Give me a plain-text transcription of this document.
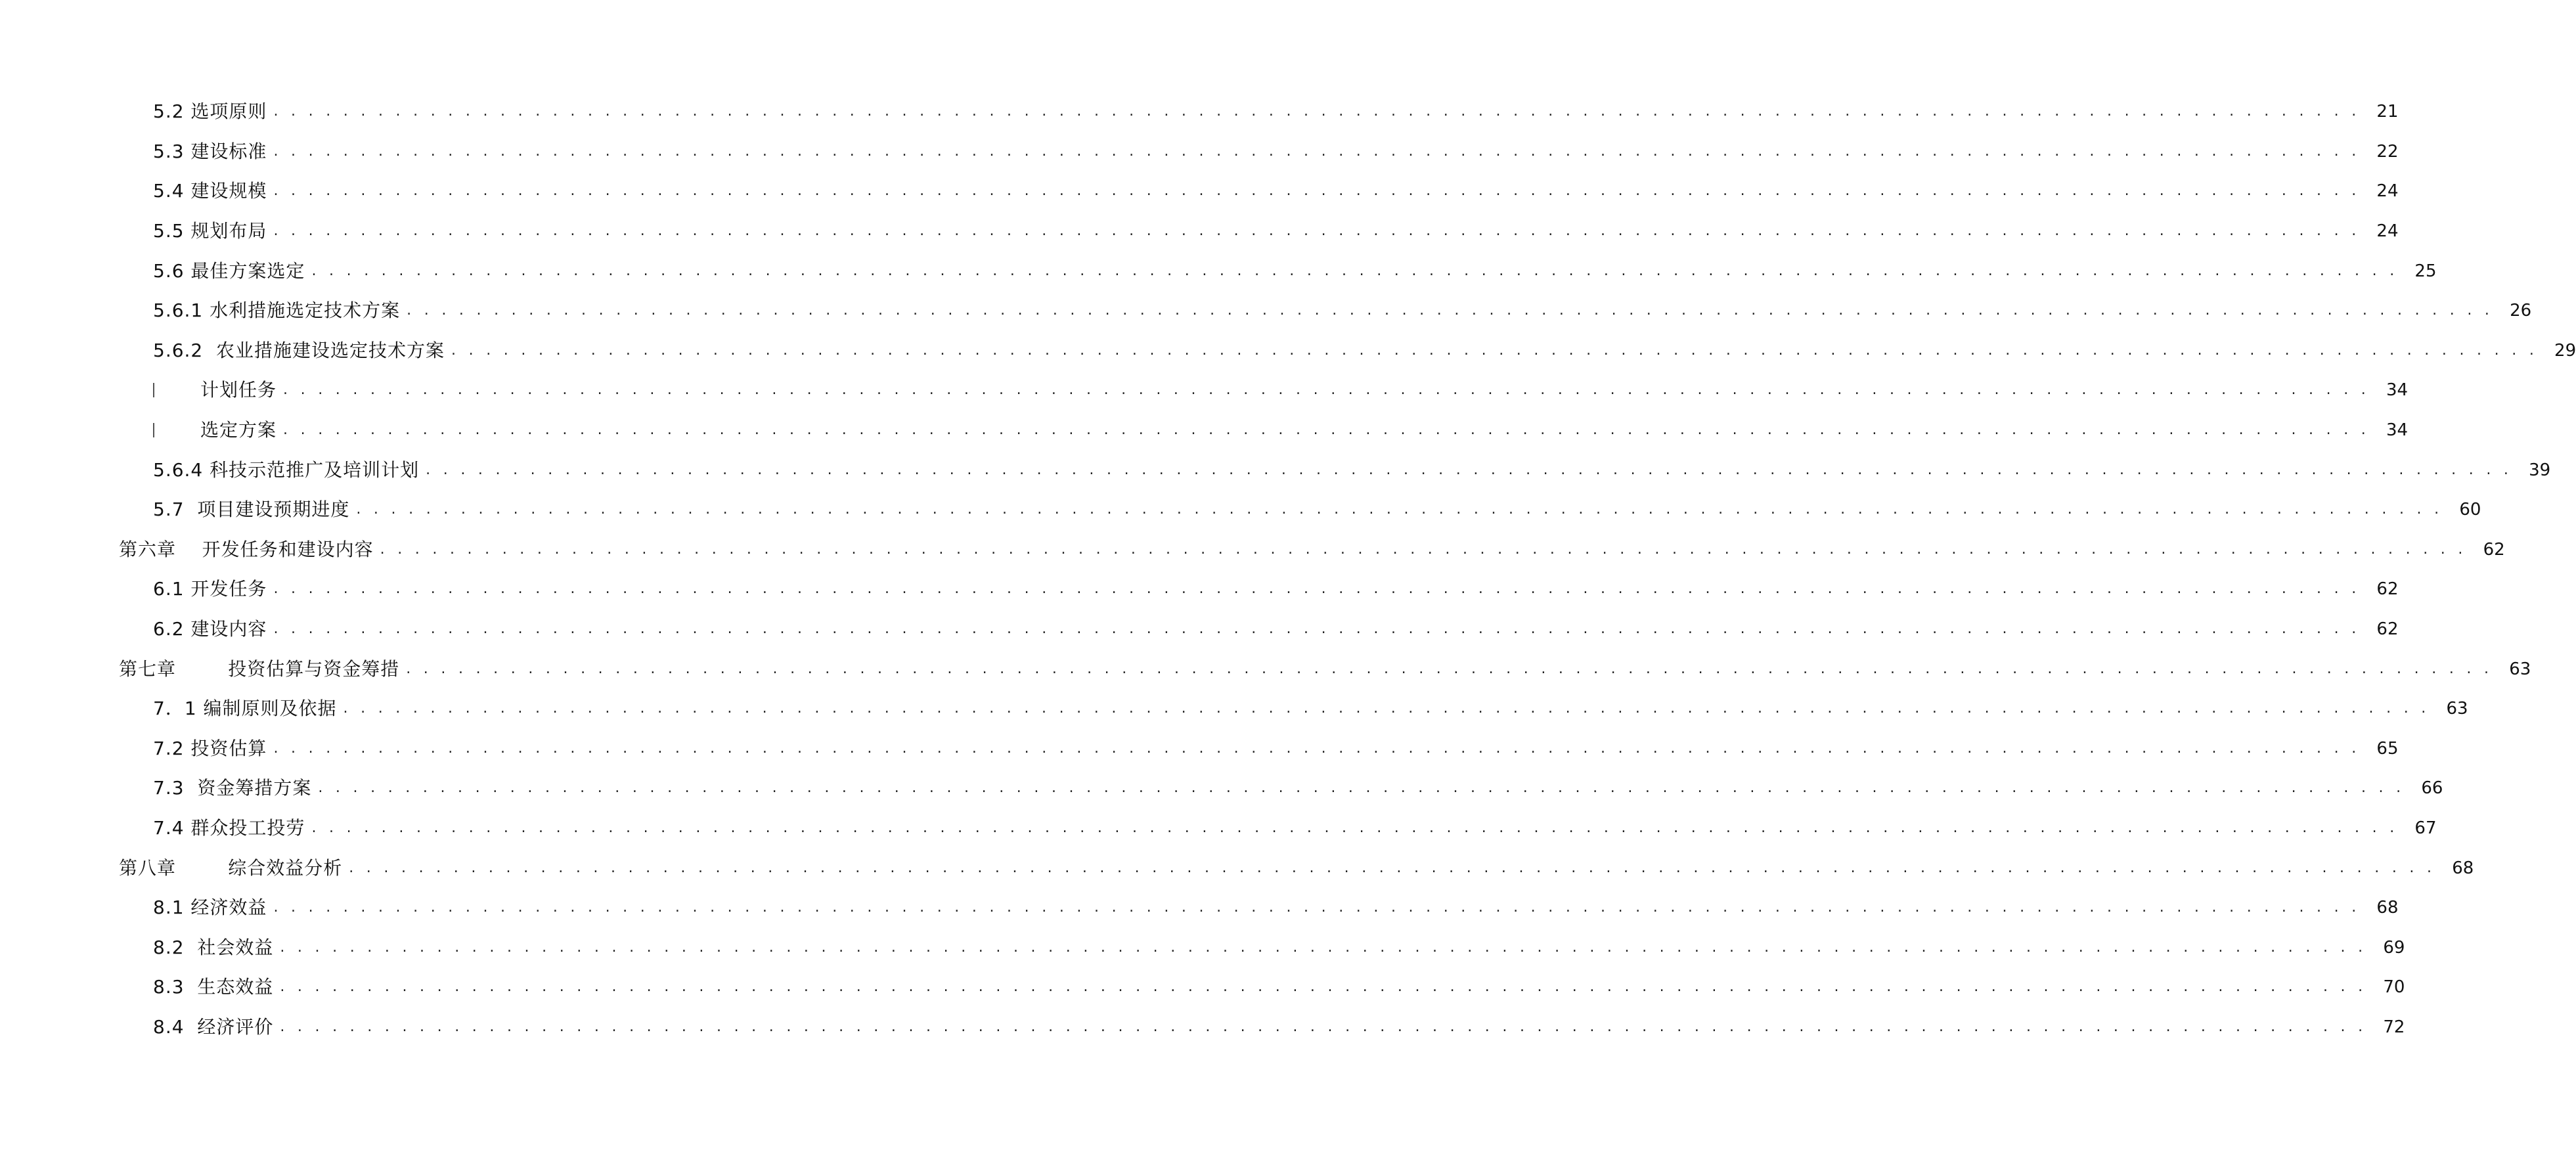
5.2 选项原则 . . . . . . . . . . . . . . . . . . . . . . . . . . . . . . . . . . . . . . . . . . . . . . . . . . . . . . . . . . . . . . . . . . . . . . . . . . . . . . . . . . . . . . . . . . . . . . . . . . . . . . . . . . . . . . . . . . . . . . . . 21
5.3 建设标准 . . . . . . . . . . . . . . . . . . . . . . . . . . . . . . . . . . . . . . . . . . . . . . . . . . . . . . . . . . . . . . . . . . . . . . . . . . . . . . . . . . . . . . . . . . . . . . . . . . . . . . . . . . . . . . . . . . . . . . . . 22
5.4 建设规模 . . . . . . . . . . . . . . . . . . . . . . . . . . . . . . . . . . . . . . . . . . . . . . . . . . . . . . . . . . . . . . . . . . . . . . . . . . . . . . . . . . . . . . . . . . . . . . . . . . . . . . . . . . . . . . . . . . . . . . . . 24
5.5 规划布局 . . . . . . . . . . . . . . . . . . . . . . . . . . . . . . . . . . . . . . . . . . . . . . . . . . . . . . . . . . . . . . . . . . . . . . . . . . . . . . . . . . . . . . . . . . . . . . . . . . . . . . . . . . . . . . . . . . . . . . . . 24
5.6 最佳方案选定 . . . . . . . . . . . . . . . . . . . . . . . . . . . . . . . . . . . . . . . . . . . . . . . . . . . . . . . . . . . . . . . . . . . . . . . . . . . . . . . . . . . . . . . . . . . . . . . . . . . . . . . . . . . . . . . . . . . . . . . . 25
5.6.1 水利措施选定技术方案 . . . . . . . . . . . . . . . . . . . . . . . . . . . . . . . . . . . . . . . . . . . . . . . . . . . . . . . . . . . . . . . . . . . . . . . . . . . . . . . . . . . . . . . . . . . . . . . . . . . . . . . . . . . . . . . . . . . . . . . . 26
5.6.2  农业措施建设选定技术方案 . . . . . . . . . . . . . . . . . . . . . . . . . . . . . . . . . . . . . . . . . . . . . . . . . . . . . . . . . . . . . . . . . . . . . . . . . . . . . . . . . . . . . . . . . . . . . . . . . . . . . . . . . . . . . . . . . . . . . . . . 29
计划任务 . . . . . . . . . . . . . . . . . . . . . . . . . . . . . . . . . . . . . . . . . . . . . . . . . . . . . . . . . . . . . . . . . . . . . . . . . . . . . . . . . . . . . . . . . . . . . . . . . . . . . . . . . . . . . . . . . . . . . . . . 34
选定方案 . . . . . . . . . . . . . . . . . . . . . . . . . . . . . . . . . . . . . . . . . . . . . . . . . . . . . . . . . . . . . . . . . . . . . . . . . . . . . . . . . . . . . . . . . . . . . . . . . . . . . . . . . . . . . . . . . . . . . . . . 34
5.6.4 科技示范推广及培训计划 . . . . . . . . . . . . . . . . . . . . . . . . . . . . . . . . . . . . . . . . . . . . . . . . . . . . . . . . . . . . . . . . . . . . . . . . . . . . . . . . . . . . . . . . . . . . . . . . . . . . . . . . . . . . . . . . . . . . . . . . 39
5.7  项目建设预期进度 . . . . . . . . . . . . . . . . . . . . . . . . . . . . . . . . . . . . . . . . . . . . . . . . . . . . . . . . . . . . . . . . . . . . . . . . . . . . . . . . . . . . . . . . . . . . . . . . . . . . . . . . . . . . . . . . . . . . . . . . 60
第六章    开发任务和建设内容 . . . . . . . . . . . . . . . . . . . . . . . . . . . . . . . . . . . . . . . . . . . . . . . . . . . . . . . . . . . . . . . . . . . . . . . . . . . . . . . . . . . . . . . . . . . . . . . . . . . . . . . . . . . . . . . . . . . . . . . . 62
6.1 开发任务 . . . . . . . . . . . . . . . . . . . . . . . . . . . . . . . . . . . . . . . . . . . . . . . . . . . . . . . . . . . . . . . . . . . . . . . . . . . . . . . . . . . . . . . . . . . . . . . . . . . . . . . . . . . . . . . . . . . . . . . . 62
6.2 建设内容 . . . . . . . . . . . . . . . . . . . . . . . . . . . . . . . . . . . . . . . . . . . . . . . . . . . . . . . . . . . . . . . . . . . . . . . . . . . . . . . . . . . . . . . . . . . . . . . . . . . . . . . . . . . . . . . . . . . . . . . . 62
第七章        投资估算与资金筹措 . . . . . . . . . . . . . . . . . . . . . . . . . . . . . . . . . . . . . . . . . . . . . . . . . . . . . . . . . . . . . . . . . . . . . . . . . . . . . . . . . . . . . . . . . . . . . . . . . . . . . . . . . . . . . . . . . . . . . . . . 63
7．1 编制原则及依据 . . . . . . . . . . . . . . . . . . . . . . . . . . . . . . . . . . . . . . . . . . . . . . . . . . . . . . . . . . . . . . . . . . . . . . . . . . . . . . . . . . . . . . . . . . . . . . . . . . . . . . . . . . . . . . . . . . . . . . . . 63
7.2 投资估算 . . . . . . . . . . . . . . . . . . . . . . . . . . . . . . . . . . . . . . . . . . . . . . . . . . . . . . . . . . . . . . . . . . . . . . . . . . . . . . . . . . . . . . . . . . . . . . . . . . . . . . . . . . . . . . . . . . . . . . . . 65
7.3  资金筹措方案 . . . . . . . . . . . . . . . . . . . . . . . . . . . . . . . . . . . . . . . . . . . . . . . . . . . . . . . . . . . . . . . . . . . . . . . . . . . . . . . . . . . . . . . . . . . . . . . . . . . . . . . . . . . . . . . . . . . . . . . . 66
7.4 群众投工投劳 . . . . . . . . . . . . . . . . . . . . . . . . . . . . . . . . . . . . . . . . . . . . . . . . . . . . . . . . . . . . . . . . . . . . . . . . . . . . . . . . . . . . . . . . . . . . . . . . . . . . . . . . . . . . . . . . . . . . . . . . 67
第八章        综合效益分析 . . . . . . . . . . . . . . . . . . . . . . . . . . . . . . . . . . . . . . . . . . . . . . . . . . . . . . . . . . . . . . . . . . . . . . . . . . . . . . . . . . . . . . . . . . . . . . . . . . . . . . . . . . . . . . . . . . . . . . . . 68
8.1 经济效益 . . . . . . . . . . . . . . . . . . . . . . . . . . . . . . . . . . . . . . . . . . . . . . . . . . . . . . . . . . . . . . . . . . . . . . . . . . . . . . . . . . . . . . . . . . . . . . . . . . . . . . . . . . . . . . . . . . . . . . . . 68
8.2  社会效益 . . . . . . . . . . . . . . . . . . . . . . . . . . . . . . . . . . . . . . . . . . . . . . . . . . . . . . . . . . . . . . . . . . . . . . . . . . . . . . . . . . . . . . . . . . . . . . . . . . . . . . . . . . . . . . . . . . . . . . . . 69
8.3  生态效益 . . . . . . . . . . . . . . . . . . . . . . . . . . . . . . . . . . . . . . . . . . . . . . . . . . . . . . . . . . . . . . . . . . . . . . . . . . . . . . . . . . . . . . . . . . . . . . . . . . . . . . . . . . . . . . . . . . . . . . . . 70
8.4  经济评价 . . . . . . . . . . . . . . . . . . . . . . . . . . . . . . . . . . . . . . . . . . . . . . . . . . . . . . . . . . . . . . . . . . . . . . . . . . . . . . . . . . . . . . . . . . . . . . . . . . . . . . . . . . . . . . . . . . . . . . . . 72
